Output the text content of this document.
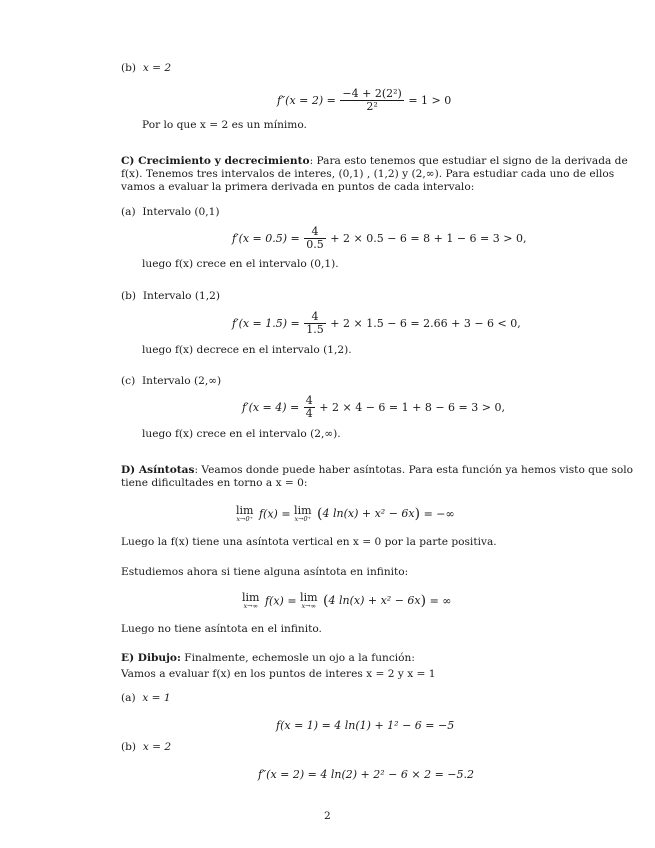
(b) x = 2
$f''(x = 2) = \frac{\text{−4 + 2(2²)}}{\text{2²}} = 1 > 0$
Por lo que x = 2 es un mínimo.
C) Crecimiento y decrecimiento: Para esto tenemos que estudiar el signo de la derivada de
f(x). Tenemos tres intervalos de interes, (0,1) , (1,2) y (2,∞). Para estudiar cada uno de ellos
vamos a evaluar la primera derivada en puntos de cada intervalo:
(a) Intervalo (0,1)
$f'(x = 0.5) = \frac{4}{0.5} + 2 \times 0.5 - 6 = 8 + 1 - 6 = 3 > 0$,
luego f(x) crece en el intervalo (0,1).
(b) Intervalo (1,2)
$f'(x = 1.5) = \frac{4}{1.5} + 2 \times 1.5 - 6 = 2.66 + 3 - 6 < 0$,
luego f(x) decrece en el intervalo (1,2).
(c) Intervalo (2,∞)
$f'(x = 4) = \frac{4}{4} + 2 \times 4 - 6 = 1 + 8 - 6 = 3 > 0$,
luego f(x) crece en el intervalo (2,∞).
D) Asíntotas: Veamos donde puede haber asíntotas. Para esta función ya hemos visto que solo
tiene dificultades en torno a x = 0:
lim
x→0⁺ f(x) = lim
x→0⁺ (4 ln(x) + x² − 6x) = −∞
Luego la f(x) tiene una asíntota vertical en x = 0 por la parte positiva.
Estudiemos ahora si tiene alguna asíntota en infinito:
lim
x→∞ f(x) = lim
x→∞ (4 ln(x) + x² − 6x) = ∞
Luego no tiene asíntota en el infinito.
E) Dibujo: Finalmente, echemosle un ojo a la función:
Vamos a evaluar f(x) en los puntos de interes x = 2 y x = 1
(a) x = 1
f(x = 1) = 4 ln(1) + 1² − 6 = −5
(b) x = 2
f″(x = 2) = 4 ln(2) + 2² − 6 × 2 = −5.2
2
